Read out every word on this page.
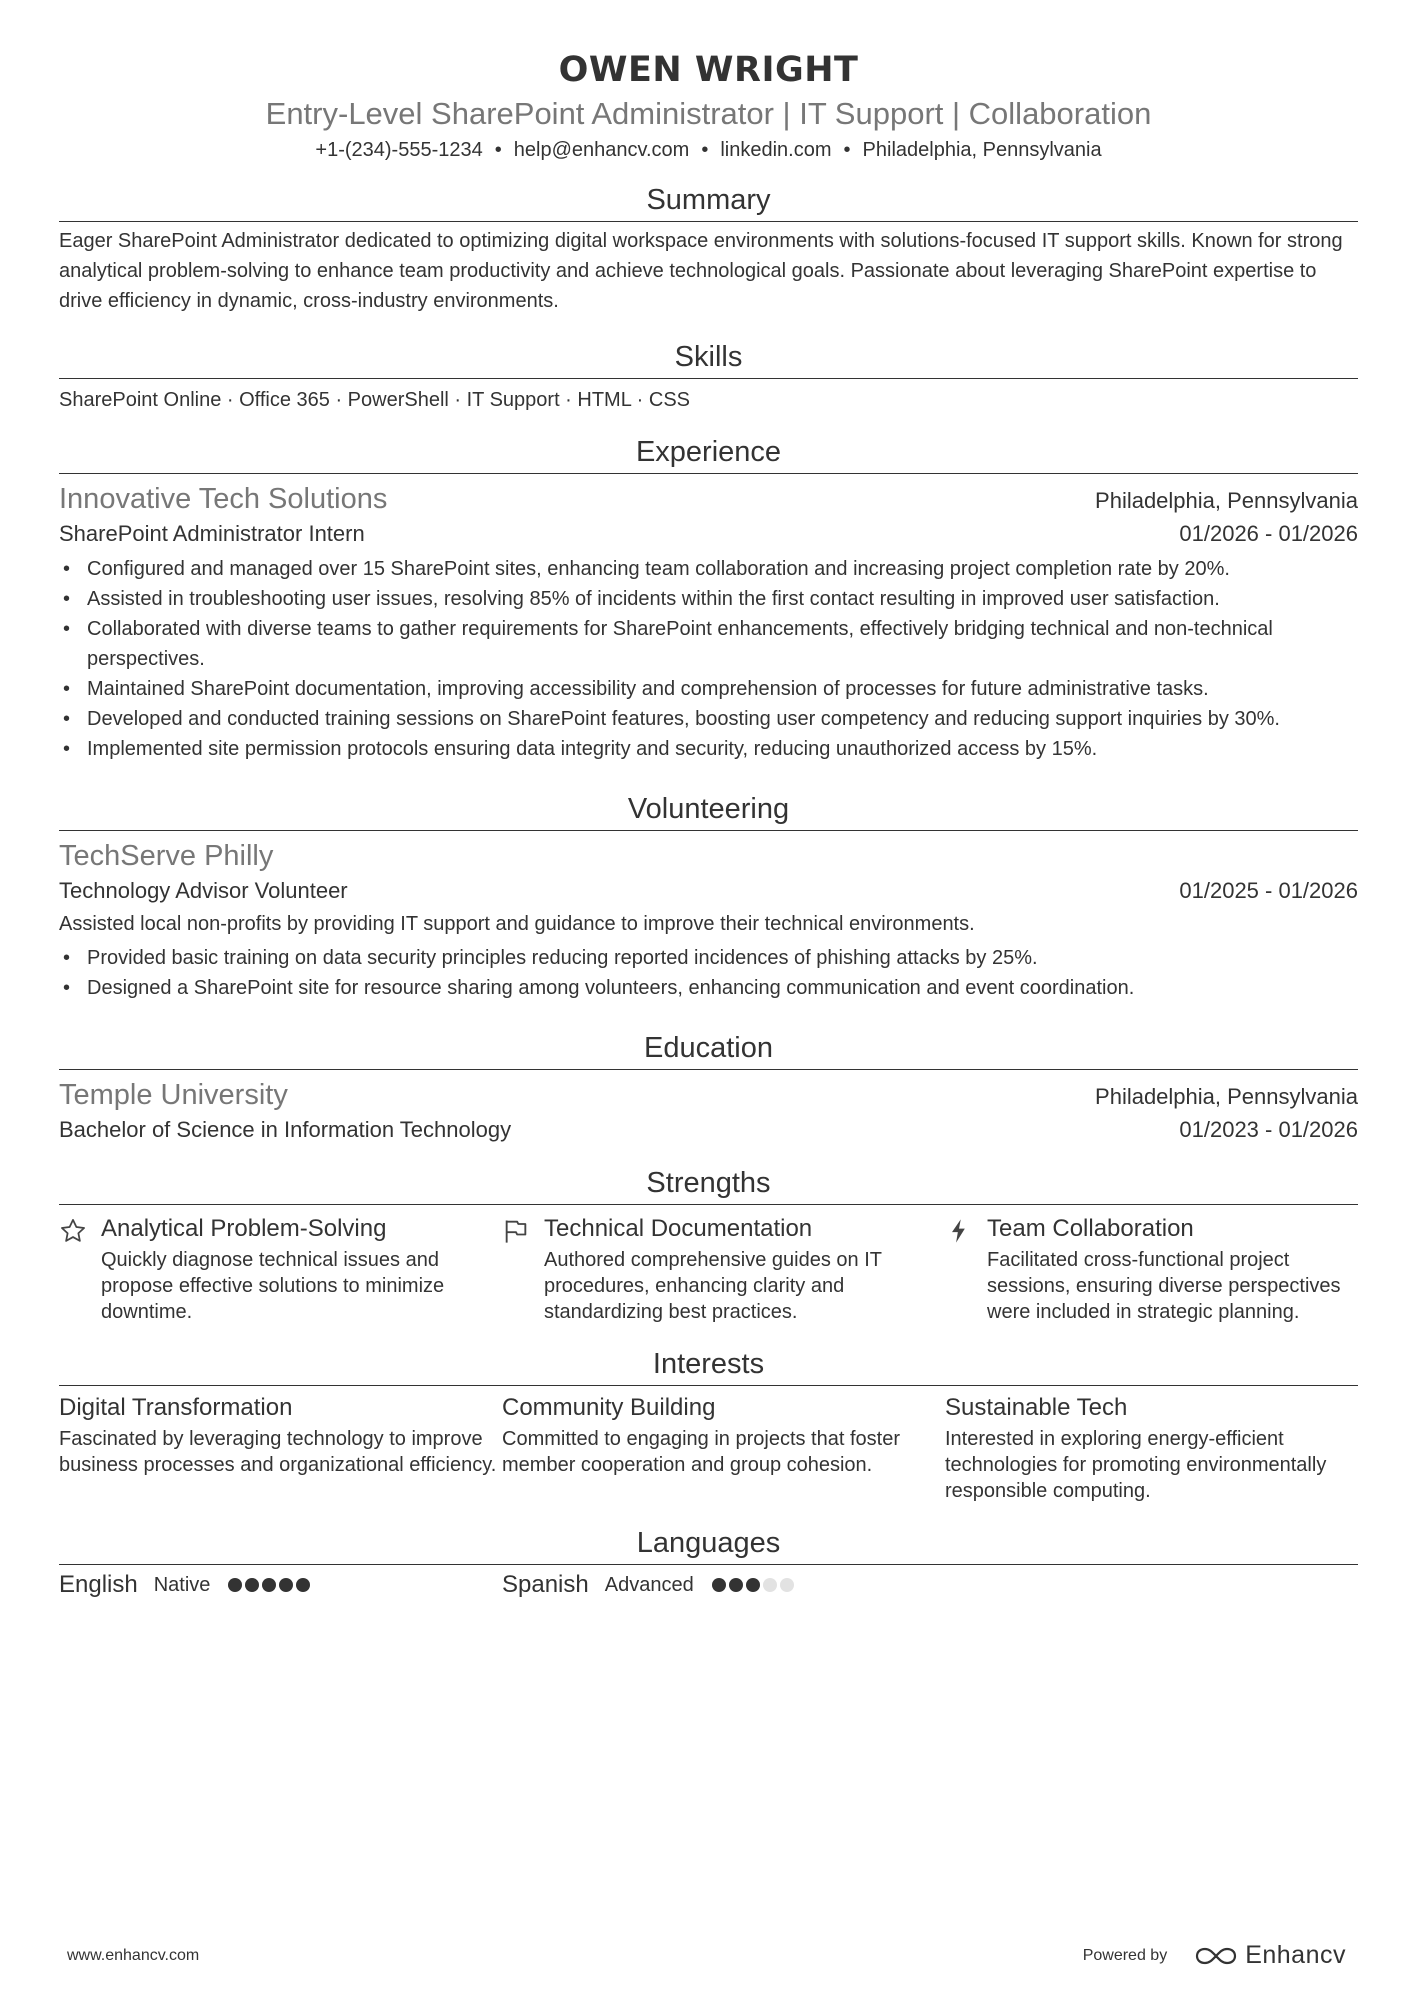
OWEN WRIGHT
Entry-Level SharePoint Administrator | IT Support | Collaboration
+1-(234)-555-1234 • help@enhancv.com • linkedin.com • Philadelphia, Pennsylvania
Summary
Eager SharePoint Administrator dedicated to optimizing digital workspace environments with solutions-focused IT support skills. Known for strong analytical problem-solving to enhance team productivity and achieve technological goals. Passionate about leveraging SharePoint expertise to drive efficiency in dynamic, cross-industry environments.
Skills
SharePoint Online · Office 365 · PowerShell · IT Support · HTML · CSS
Experience
Innovative Tech Solutions	Philadelphia, Pennsylvania
SharePoint Administrator Intern	01/2026 - 01/2026
• Configured and managed over 15 SharePoint sites, enhancing team collaboration and increasing project completion rate by 20%.
• Assisted in troubleshooting user issues, resolving 85% of incidents within the first contact resulting in improved user satisfaction.
• Collaborated with diverse teams to gather requirements for SharePoint enhancements, effectively bridging technical and non-technical perspectives.
• Maintained SharePoint documentation, improving accessibility and comprehension of processes for future administrative tasks.
• Developed and conducted training sessions on SharePoint features, boosting user competency and reducing support inquiries by 30%.
• Implemented site permission protocols ensuring data integrity and security, reducing unauthorized access by 15%.
Volunteering
TechServe Philly
Technology Advisor Volunteer	01/2025 - 01/2026
Assisted local non-profits by providing IT support and guidance to improve their technical environments.
• Provided basic training on data security principles reducing reported incidences of phishing attacks by 25%.
• Designed a SharePoint site for resource sharing among volunteers, enhancing communication and event coordination.
Education
Temple University	Philadelphia, Pennsylvania
Bachelor of Science in Information Technology	01/2023 - 01/2026
Strengths
Analytical Problem-Solving
Quickly diagnose technical issues and propose effective solutions to minimize downtime.
Technical Documentation
Authored comprehensive guides on IT procedures, enhancing clarity and standardizing best practices.
Team Collaboration
Facilitated cross-functional project sessions, ensuring diverse perspectives were included in strategic planning.
Interests
Digital Transformation
Fascinated by leveraging technology to improve business processes and organizational efficiency.
Community Building
Committed to engaging in projects that foster member cooperation and group cohesion.
Sustainable Tech
Interested in exploring energy-efficient technologies for promoting environmentally responsible computing.
Languages
English Native	Spanish Advanced
www.enhancv.com	Powered by	Enhancv
